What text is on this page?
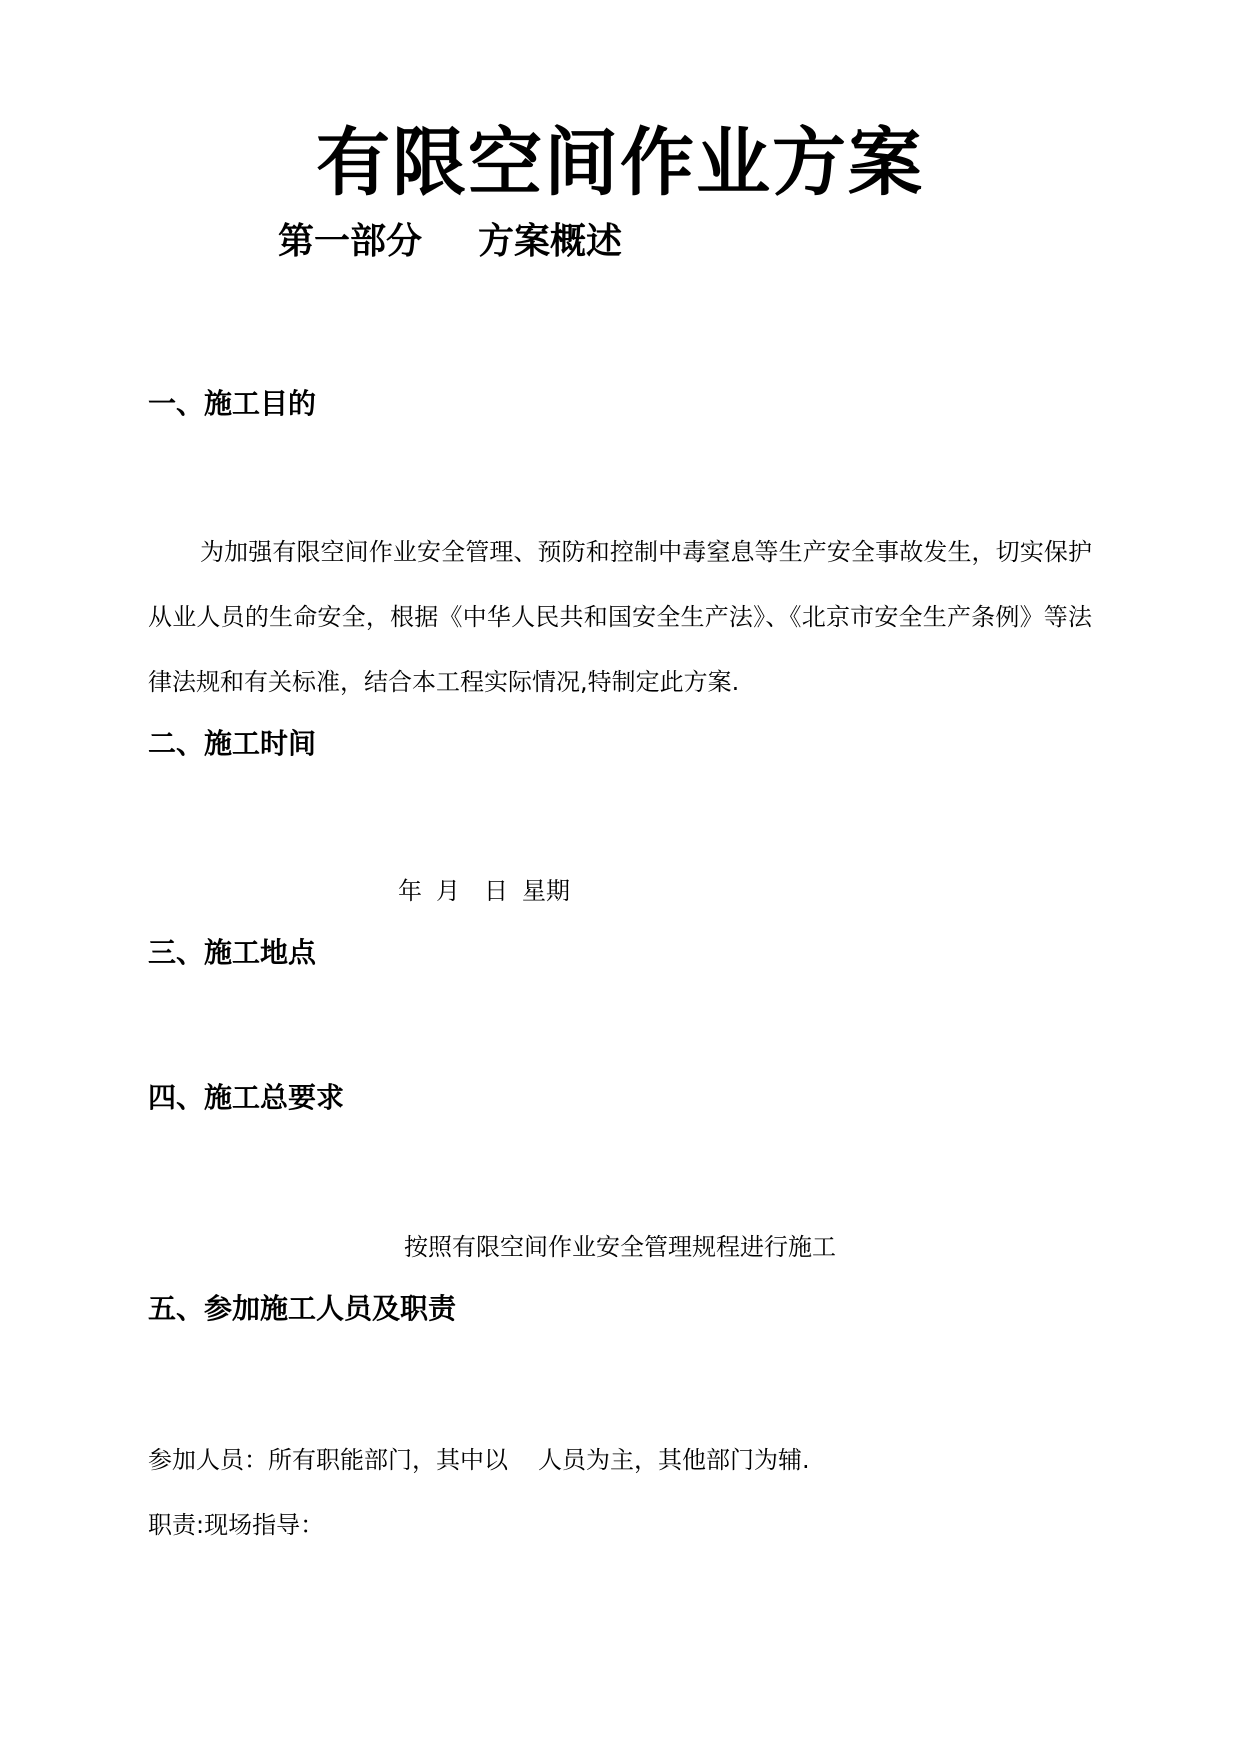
有限空间作业方案
第一部分 方案概述
一、施工目的

为加强有限空间作业安全管理、预防和控制中毒窒息等生产安全事故发生，切实保护从业人员的生命安全，根据《中华人民共和国安全生产法》、《北京市安全生产条例》等法律法规和有关标准，结合本工程实际情况,特制定此方案.

二、施工时间
年 月 日 星期
三、施工地点
四、施工总要求
按照有限空间作业安全管理规程进行施工
五、参加施工人员及职责
参加人员：所有职能部门，其中以 人员为主，其他部门为辅.
职责:现场指导：
